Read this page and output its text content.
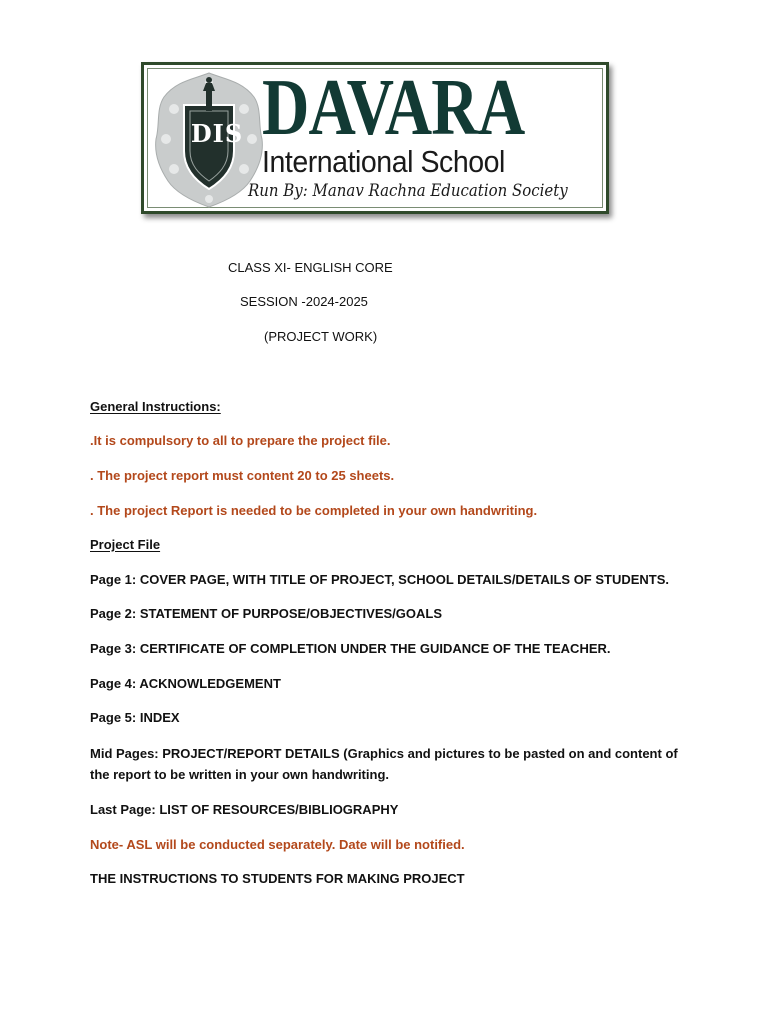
DIS DAVARA
International School
Run By: Manav Rachna Education Society
CLASS XI- ENGLISH CORE
SESSION -2024-2025
(PROJECT WORK)
General Instructions:
.It is compulsory to all to prepare the project file.
. The project report must content 20 to 25 sheets.
. The project Report is needed to be completed in your own handwriting.
Project File
Page 1: COVER PAGE, WITH TITLE OF PROJECT, SCHOOL DETAILS/DETAILS OF STUDENTS.
Page 2: STATEMENT OF PURPOSE/OBJECTIVES/GOALS
Page 3: CERTIFICATE OF COMPLETION UNDER THE GUIDANCE OF THE TEACHER.
Page 4: ACKNOWLEDGEMENT
Page 5: INDEX
Mid Pages: PROJECT/REPORT DETAILS (Graphics and pictures to be pasted on and content of the report to be written in your own handwriting.
Last Page: LIST OF RESOURCES/BIBLIOGRAPHY
Note- ASL will be conducted separately. Date will be notified.
THE INSTRUCTIONS TO STUDENTS FOR MAKING PROJECT
